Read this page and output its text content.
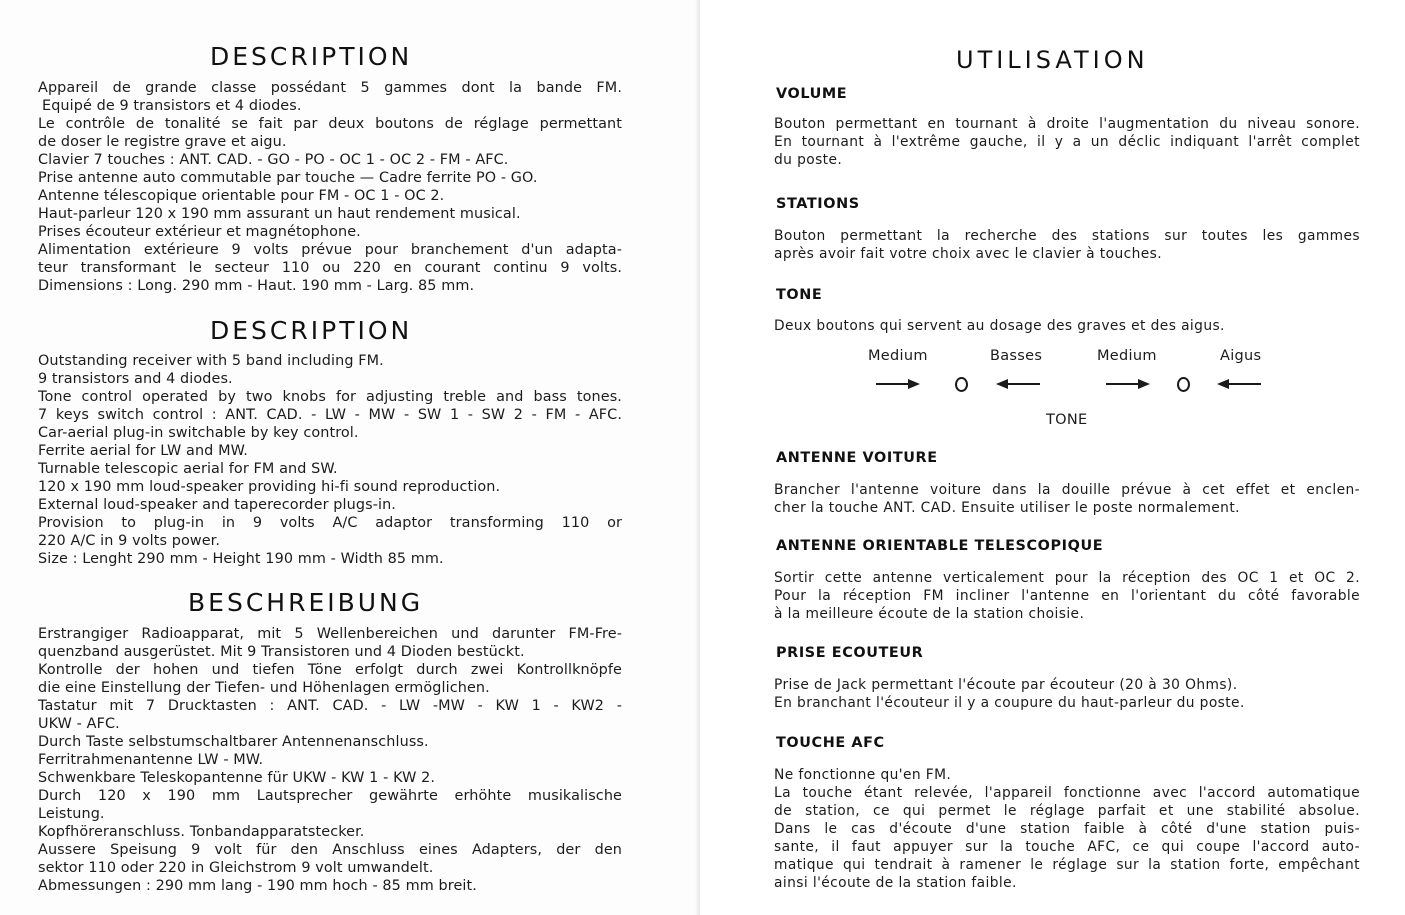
DESCRIPTION
Appareil de grande classe possédant 5 gammes dont la bande FM.
Equipé de 9 transistors et 4 diodes.
Le contrôle de tonalité se fait par deux boutons de réglage permettant
de doser le registre grave et aigu.
Clavier 7 touches : ANT. CAD. - GO - PO - OC 1 - OC 2 - FM - AFC.
Prise antenne auto commutable par touche — Cadre ferrite PO - GO.
Antenne télescopique orientable pour FM - OC 1 - OC 2.
Haut-parleur 120 x 190 mm assurant un haut rendement musical.
Prises écouteur extérieur et magnétophone.
Alimentation extérieure 9 volts prévue pour branchement d'un adapta-
teur transformant le secteur 110 ou 220 en courant continu 9 volts.
Dimensions : Long. 290 mm - Haut. 190 mm - Larg. 85 mm.
DESCRIPTION
Outstanding receiver with 5 band including FM.
9 transistors and 4 diodes.
Tone control operated by two knobs for adjusting treble and bass tones.
7 keys switch control : ANT. CAD. - LW - MW - SW 1 - SW 2 - FM - AFC.
Car-aerial plug-in switchable by key control.
Ferrite aerial for LW and MW.
Turnable telescopic aerial for FM and SW.
120 x 190 mm loud-speaker providing hi-fi sound reproduction.
External loud-speaker and taperecorder plugs-in.
Provision to plug-in in 9 volts A/C adaptor transforming 110 or
220 A/C in 9 volts power.
Size : Lenght 290 mm - Height 190 mm - Width 85 mm.
BESCHREIBUNG
Erstrangiger Radioapparat, mit 5 Wellenbereichen und darunter FM-Fre-
quenzband ausgerüstet. Mit 9 Transistoren und 4 Dioden bestückt.
Kontrolle der hohen und tiefen Töne erfolgt durch zwei Kontrollknöpfe
die eine Einstellung der Tiefen- und Höhenlagen ermöglichen.
Tastatur mit 7 Drucktasten : ANT. CAD. - LW -MW - KW 1 - KW2 -
UKW - AFC.
Durch Taste selbstumschaltbarer Antennenanschluss.
Ferritrahmenantenne LW - MW.
Schwenkbare Teleskopantenne für UKW - KW 1 - KW 2.
Durch 120 x 190 mm Lautsprecher gewährte erhöhte musikalische
Leistung.
Kopfhöreranschluss. Tonbandapparatstecker.
Aussere Speisung 9 volt für den Anschluss eines Adapters, der den
sektor 110 oder 220 in Gleichstrom 9 volt umwandelt.
Abmessungen : 290 mm lang - 190 mm hoch - 85 mm breit.
UTILISATION
VOLUME
Bouton permettant en tournant à droite l'augmentation du niveau sonore.
En tournant à l'extrême gauche, il y a un déclic indiquant l'arrêt complet
du poste.
STATIONS
Bouton permettant la recherche des stations sur toutes les gammes
après avoir fait votre choix avec le clavier à touches.
TONE
Deux boutons qui servent au dosage des graves et des aigus.
Medium	Basses	Medium	Aigus
TONE
ANTENNE VOITURE
Brancher l'antenne voiture dans la douille prévue à cet effet et enclen-
cher la touche ANT. CAD. Ensuite utiliser le poste normalement.
ANTENNE ORIENTABLE TELESCOPIQUE
Sortir cette antenne verticalement pour la réception des OC 1 et OC 2.
Pour la réception FM incliner l'antenne en l'orientant du côté favorable
à la meilleure écoute de la station choisie.
PRISE ECOUTEUR
Prise de Jack permettant l'écoute par écouteur (20 à 30 Ohms).
En branchant l'écouteur il y a coupure du haut-parleur du poste.
TOUCHE AFC
Ne fonctionne qu'en FM.
La touche étant relevée, l'appareil fonctionne avec l'accord automatique
de station, ce qui permet le réglage parfait et une stabilité absolue.
Dans le cas d'écoute d'une station faible à côté d'une station puis-
sante, il faut appuyer sur la touche AFC, ce qui coupe l'accord auto-
matique qui tendrait à ramener le réglage sur la station forte, empêchant
ainsi l'écoute de la station faible.
